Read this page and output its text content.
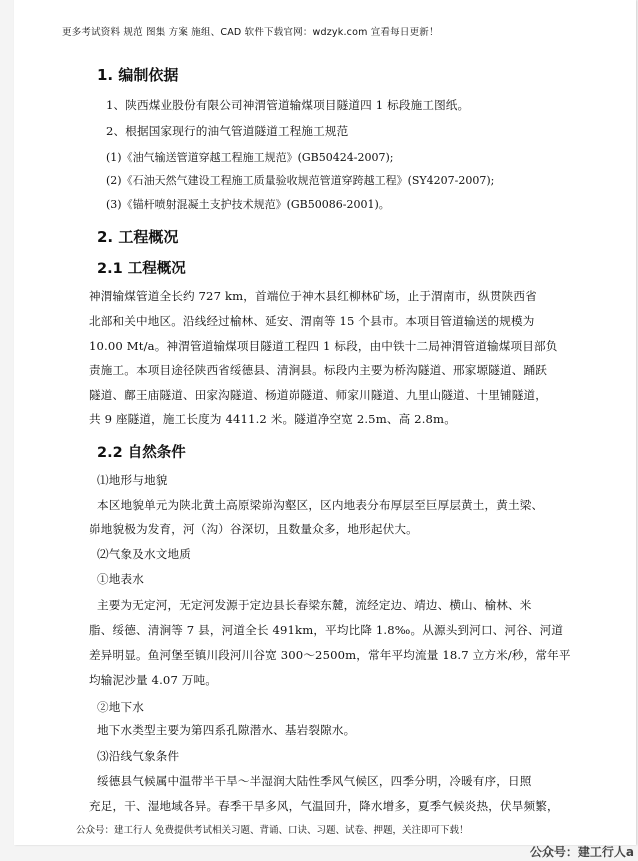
更多考试资料 规范 图集 方案 施组、CAD 软件下载官网：wdzyk.com 宣看每日更新！
1. 编制依据
1、陕西煤业股份有限公司神渭管道输煤项目隧道四 1 标段施工图纸。
2、根据国家现行的油气管道隧道工程施工规范
(1)《油气输送管道穿越工程施工规范》(GB50424-2007);
(2)《石油天然气建设工程施工质量验收规范管道穿跨越工程》(SY4207-2007);
(3)《锚杆喷射混凝土支护技术规范》(GB50086-2001)。
2. 工程概况
2.1 工程概况
神渭输煤管道全长约 727 km，首端位于神木县红柳林矿场，止于渭南市，纵贯陕西省
北部和关中地区。沿线经过榆林、延安、渭南等 15 个县市。本项目管道输送的规模为
10.00 Mt/a。神渭管道输煤项目隧道工程四 1 标段，由中铁十二局神渭管道输煤项目部负
责施工。本项目途径陕西省绥德县、清涧县。标段内主要为桥沟隧道、邢家塬隧道、踊跃
隧道、鄜王庙隧道、田家沟隧道、杨道峁隧道、师家川隧道、九里山隧道、十里铺隧道，
共 9 座隧道，施工长度为 4411.2 米。隧道净空宽 2.5m、高 2.8m。
2.2 自然条件
⑴地形与地貌
本区地貌单元为陕北黄土高原梁峁沟壑区，区内地表分布厚层至巨厚层黄土，黄土梁、
峁地貌极为发育，河（沟）谷深切，且数量众多，地形起伏大。
⑵气象及水文地质
①地表水
主要为无定河，无定河发源于定边县长春梁东麓，流经定边、靖边、横山、榆林、米
脂、绥德、清涧等 7 县，河道全长 491km，平均比降 1.8‰。从源头到河口、河谷、河道
差异明显。鱼河堡至镇川段河川谷宽 300～2500m，常年平均流量 18.7 立方米/秒，常年平
均输泥沙量 4.07 万吨。
②地下水
地下水类型主要为第四系孔隙潜水、基岩裂隙水。
⑶沿线气象条件
绥德县气候属中温带半干旱～半湿润大陆性季风气候区，四季分明，冷暖有序，日照
充足，干、湿地域各异。春季干旱多风，气温回升，降水增多，夏季气候炎热，伏旱频繁，
公众号：建工行人 免费提供考试相关习题、背诵、口诀、习题、试卷、押题，关注即可下载！
公众号：建工行人a
